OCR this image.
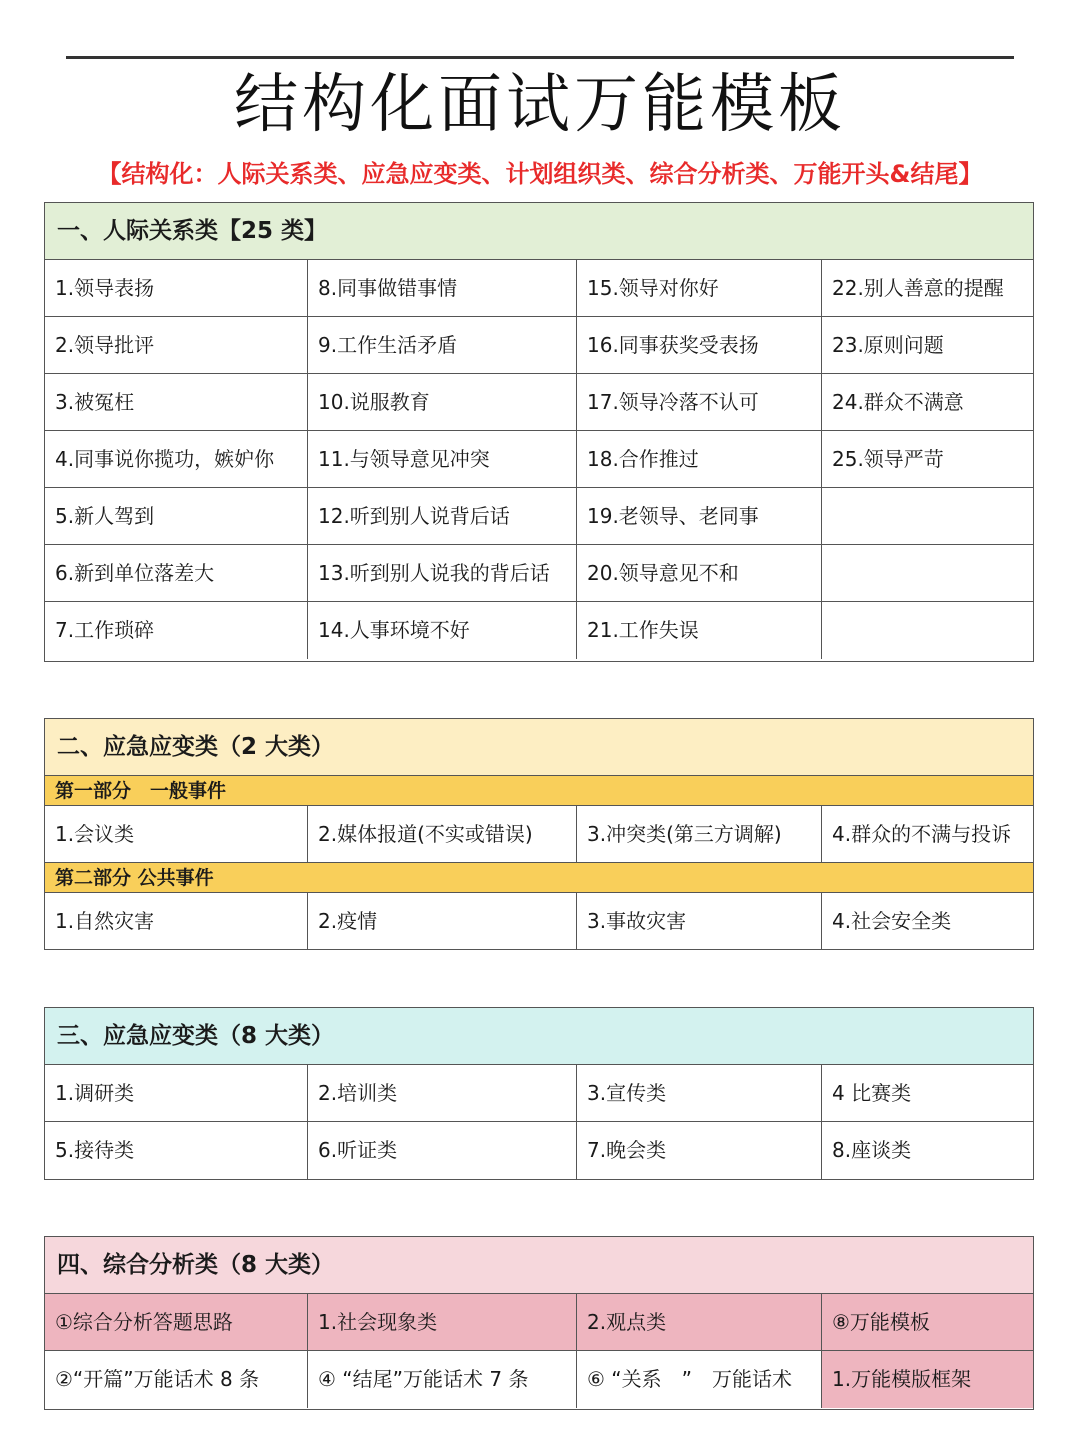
结构化面试万能模板
【结构化：人际关系类、应急应变类、计划组织类、综合分析类、万能开头&结尾】
一、人际关系类【25 类】
1.领导表扬	8.同事做错事情	15.领导对你好	22.别人善意的提醒
2.领导批评	9.工作生活矛盾	16.同事获奖受表扬	23.原则问题
3.被冤枉	10.说服教育	17.领导冷落不认可	24.群众不满意
4.同事说你揽功，嫉妒你	11.与领导意见冲突	18.合作推过	25.领导严苛
5.新人驾到	12.听到别人说背后话	19.老领导、老同事
6.新到单位落差大	13.听到别人说我的背后话	20.领导意见不和
7.工作琐碎	14.人事环境不好	21.工作失误
二、应急应变类（2 大类）
第一部分　一般事件
1.会议类	2.媒体报道(不实或错误)	3.冲突类(第三方调解)	4.群众的不满与投诉
第二部分 公共事件
1.自然灾害	2.疫情	3.事故灾害	4.社会安全类
三、应急应变类（8 大类）
1.调研类	2.培训类	3.宣传类	4 比赛类
5.接待类	6.听证类	7.晚会类	8.座谈类
四、综合分析类（8 大类）
①综合分析答题思路	1.社会现象类	2.观点类	⑧万能模板
②“开篇”万能话术 8 条	④ “结尾”万能话术 7 条	⑥ “关系　”　万能话术	1.万能模版框架
